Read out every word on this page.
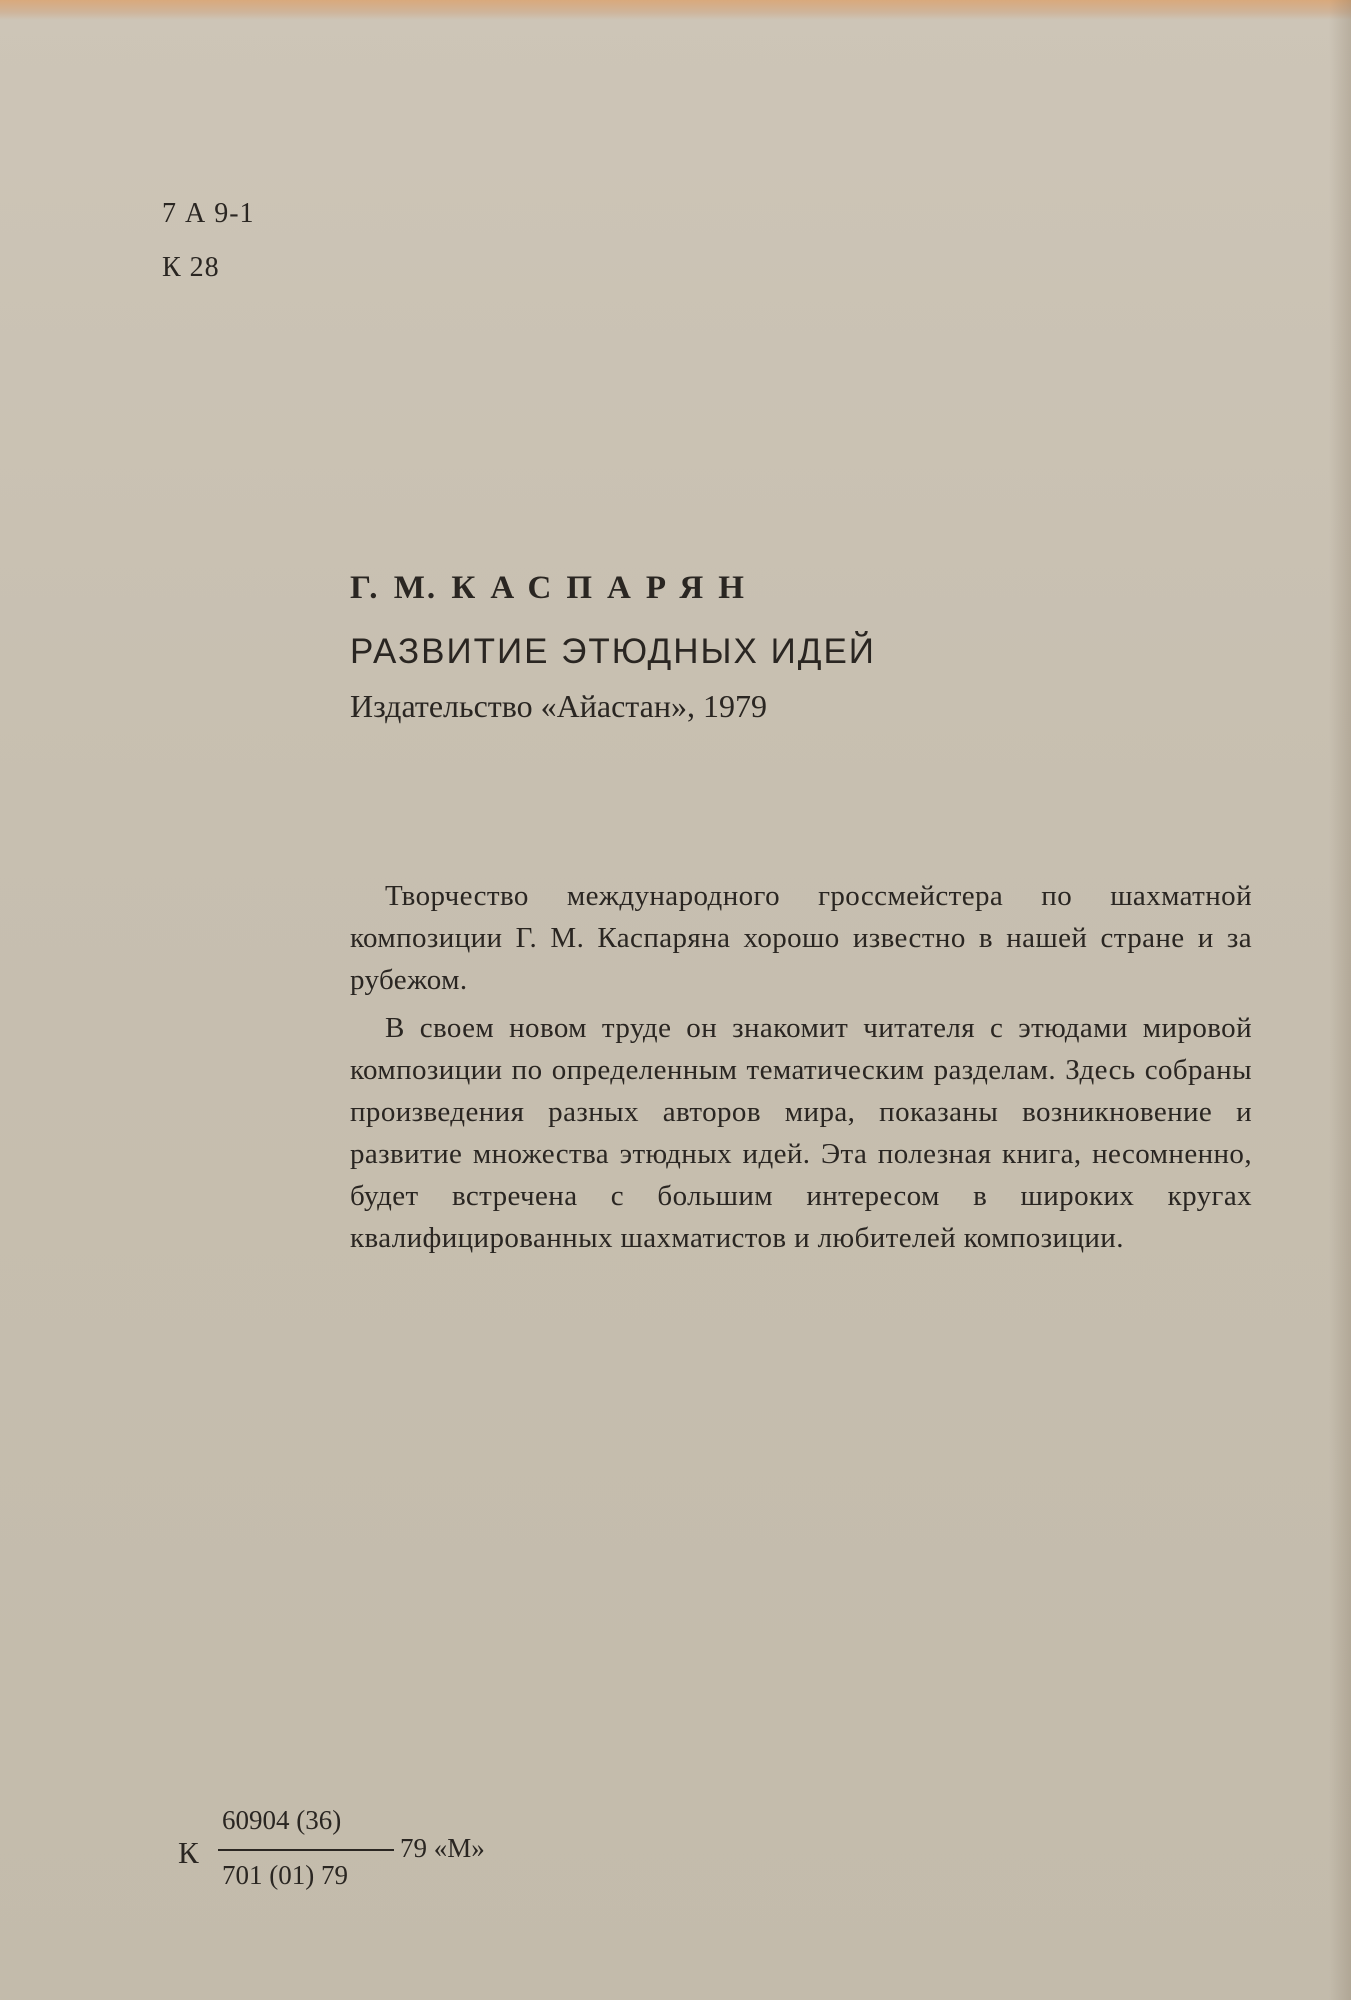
7 А 9-1
К 28
Г. М. КАСПАРЯН
РАЗВИТИЕ ЭТЮДНЫХ ИДЕЙ
Издательство «Айастан», 1979

Творчество международного гроссмейстера по шахматной композиции Г. М. Каспаряна хорошо известно в нашей стране и за рубежом.

В своем новом труде он знакомит читателя с этюдами мировой композиции по определенным тематическим разделам. Здесь собраны произведения разных авторов мира, показаны возникновение и развитие множества этюдных идей. Эта полезная книга, несомненно, будет встречена с большим интересом в широких кругах квалифицированных шахматистов и любителей композиции.

К
60904 (36)
701 (01) 79
79 «М»
